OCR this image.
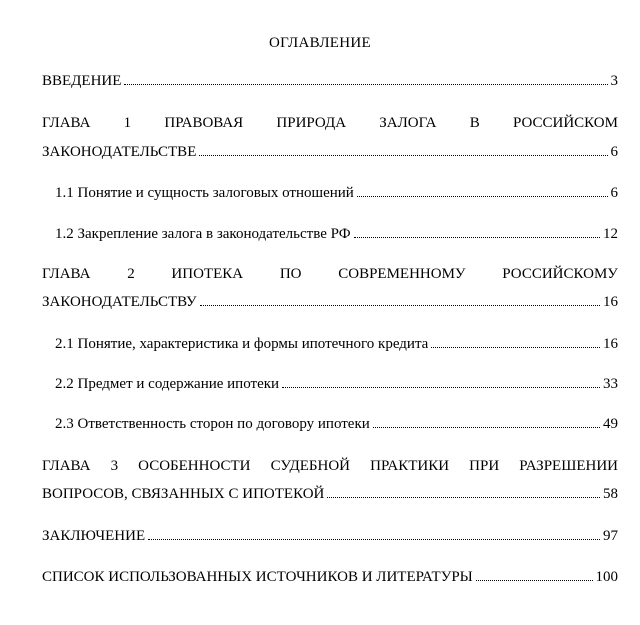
ОГЛАВЛЕНИЕ
ВВЕДЕНИЕ	3
ГЛАВА 1 ПРАВОВАЯ ПРИРОДА ЗАЛОГА В РОССИЙСКОМ
ЗАКОНОДАТЕЛЬСТВЕ	6
1.1 Понятие и сущность залоговых отношений	6
1.2 Закрепление залога в законодательстве РФ	12
ГЛАВА 2 ИПОТЕКА ПО СОВРЕМЕННОМУ РОССИЙСКОМУ
ЗАКОНОДАТЕЛЬСТВУ	16
2.1 Понятие, характеристика и формы ипотечного кредита	16
2.2 Предмет и содержание ипотеки	33
2.3 Ответственность сторон по договору ипотеки	49
ГЛАВА 3 ОСОБЕННОСТИ СУДЕБНОЙ ПРАКТИКИ ПРИ РАЗРЕШЕНИИ
ВОПРОСОВ, СВЯЗАННЫХ С ИПОТЕКОЙ	58
ЗАКЛЮЧЕНИЕ	97
СПИСОК ИСПОЛЬЗОВАННЫХ ИСТОЧНИКОВ И ЛИТЕРАТУРЫ	100
